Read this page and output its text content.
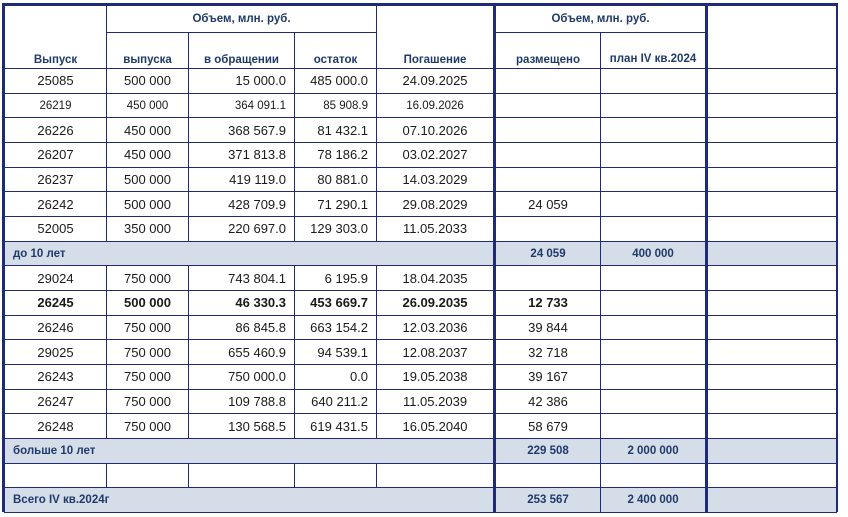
	Объем, млн. руб.				Объем, млн. руб.		
Выпуск	выпуска	в обращении	остаток	Погашение	размещено	план IV кв.2024	
25085	500 000	15 000.0	485 000.0	24.09.2025			
26219	450 000	364 091.1	85 908.9	16.09.2026			
26226	450 000	368 567.9	81 432.1	07.10.2026			
26207	450 000	371 813.8	78 186.2	03.02.2027			
26237	500 000	419 119.0	80 881.0	14.03.2029			
26242	500 000	428 709.9	71 290.1	29.08.2029	24 059		
52005	350 000	220 697.0	129 303.0	11.05.2033			
до 10 лет					24 059	400 000	
29024	750 000	743 804.1	6 195.9	18.04.2035			
26245	500 000	46 330.3	453 669.7	26.09.2035	12 733		
26246	750 000	86 845.8	663 154.2	12.03.2036	39 844		
29025	750 000	655 460.9	94 539.1	12.08.2037	32 718		
26243	750 000	750 000.0	0.0	19.05.2038	39 167		
26247	750 000	109 788.8	640 211.2	11.05.2039	42 386		
26248	750 000	130 568.5	619 431.5	16.05.2040	58 679		
больше 10 лет					229 508	2 000 000	

Всего IV кв.2024г					253 567	2 400 000	
